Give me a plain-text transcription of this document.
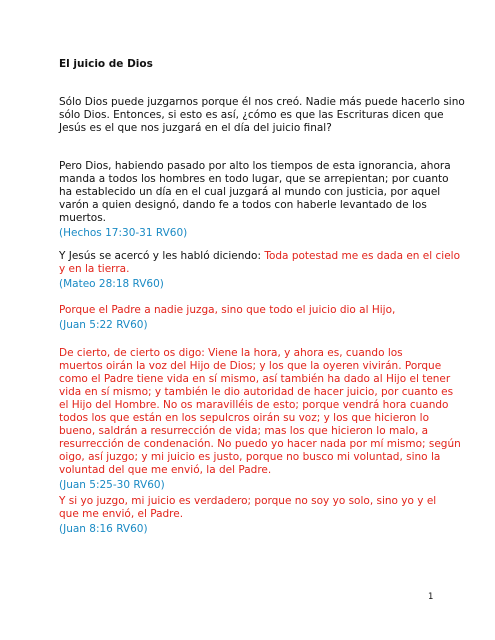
El juicio de Dios
Sólo Dios puede juzgarnos porque él nos creó. Nadie más puede hacerlo sino
sólo Dios. Entonces, si esto es así, ¿cómo es que las Escrituras dicen que
Jesús es el que nos juzgará en el día del juicio final?
Pero Dios, habiendo pasado por alto los tiempos de esta ignorancia, ahora
manda a todos los hombres en todo lugar, que se arrepientan; por cuanto
ha establecido un día en el cual juzgará al mundo con justicia, por aquel
varón a quien designó, dando fe a todos con haberle levantado de los
muertos.
(Hechos 17:30-31 RV60)
Y Jesús se acercó y les habló diciendo: Toda potestad me es dada en el cielo
y en la tierra.
(Mateo 28:18 RV60)
Porque el Padre a nadie juzga, sino que todo el juicio dio al Hijo,
(Juan 5:22 RV60)
De cierto, de cierto os digo: Viene la hora, y ahora es, cuando los
muertos oirán la voz del Hijo de Dios; y los que la oyeren vivirán. Porque
como el Padre tiene vida en sí mismo, así también ha dado al Hijo el tener
vida en sí mismo; y también le dio autoridad de hacer juicio, por cuanto es
el Hijo del Hombre. No os maravilléis de esto; porque vendrá hora cuando
todos los que están en los sepulcros oirán su voz; y los que hicieron lo
bueno, saldrán a resurrección de vida; mas los que hicieron lo malo, a
resurrección de condenación. No puedo yo hacer nada por mí mismo; según
oigo, así juzgo; y mi juicio es justo, porque no busco mi voluntad, sino la
voluntad del que me envió, la del Padre.
(Juan 5:25-30 RV60)
Y si yo juzgo, mi juicio es verdadero; porque no soy yo solo, sino yo y el
que me envió, el Padre.
(Juan 8:16 RV60)
1
